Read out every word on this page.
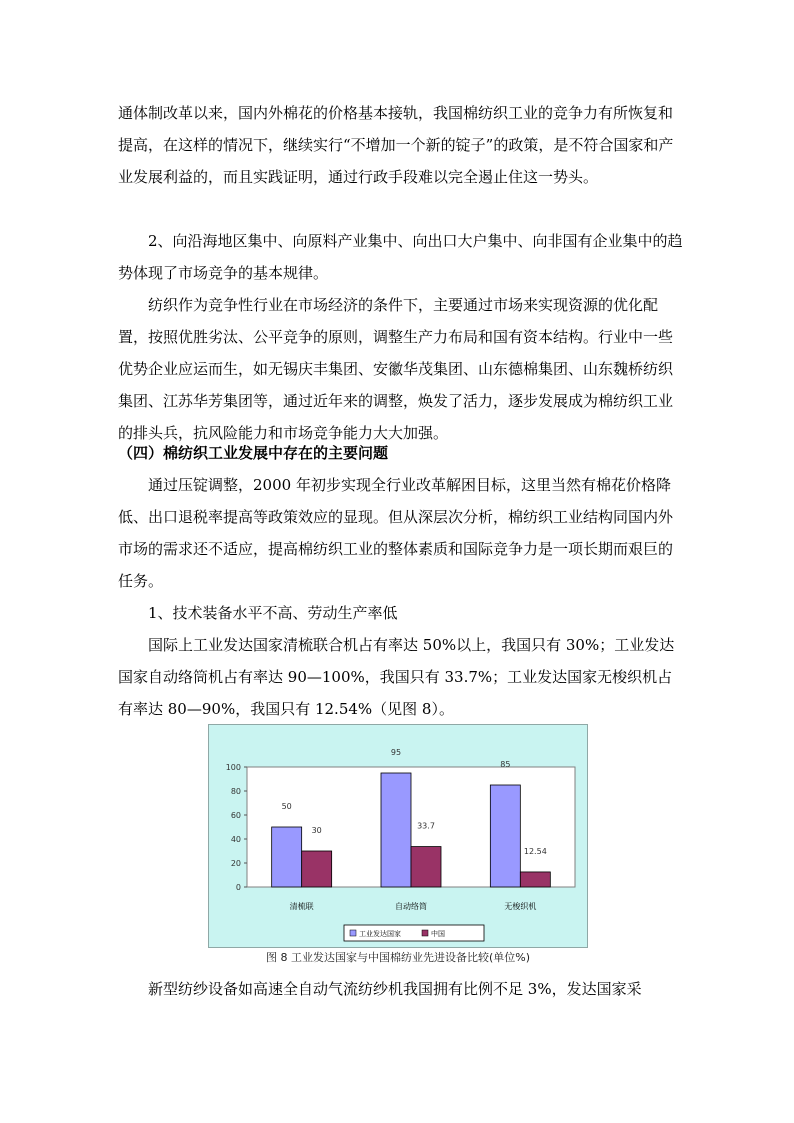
通体制改革以来，国内外棉花的价格基本接轨，我国棉纺织工业的竞争力有所恢复和提高，在这样的情况下，继续实行“不增加一个新的锭子”的政策，是不符合国家和产业发展利益的，而且实践证明，通过行政手段难以完全遏止住这一势头。

2、向沿海地区集中、向原料产业集中、向出口大户集中、向非国有企业集中的趋势体现了市场竞争的基本规律。

纺织作为竞争性行业在市场经济的条件下，主要通过市场来实现资源的优化配置，按照优胜劣汰、公平竞争的原则，调整生产力布局和国有资本结构。行业中一些优势企业应运而生，如无锡庆丰集团、安徽华茂集团、山东德棉集团、山东魏桥纺织集团、江苏华芳集团等，通过近年来的调整，焕发了活力，逐步发展成为棉纺织工业的排头兵，抗风险能力和市场竞争能力大大加强。

（四）棉纺织工业发展中存在的主要问题

通过压锭调整，2000 年初步实现全行业改革解困目标，这里当然有棉花价格降低、出口退税率提高等政策效应的显现。但从深层次分析，棉纺织工业结构同国内外市场的需求还不适应，提高棉纺织工业的整体素质和国际竞争力是一项长期而艰巨的任务。

1、技术装备水平不高、劳动生产率低

国际上工业发达国家清梳联合机占有率达 50%以上，我国只有 30%；工业发达国家自动络筒机占有率达 90—100%，我国只有 33.7%；工业发达国家无梭织机占有率达 80—90%，我国只有 12.54%（见图 8）。

0
20
40
60
80
100
50
30
清梳联
95
33.7
自动络筒
85
12.54
无梭织机
工业发达国家	中国
图 8 工业发达国家与中国棉纺业先进设备比较(单位%)

新型纺纱设备如高速全自动气流纺纱机我国拥有比例不足 3%，发达国家采
